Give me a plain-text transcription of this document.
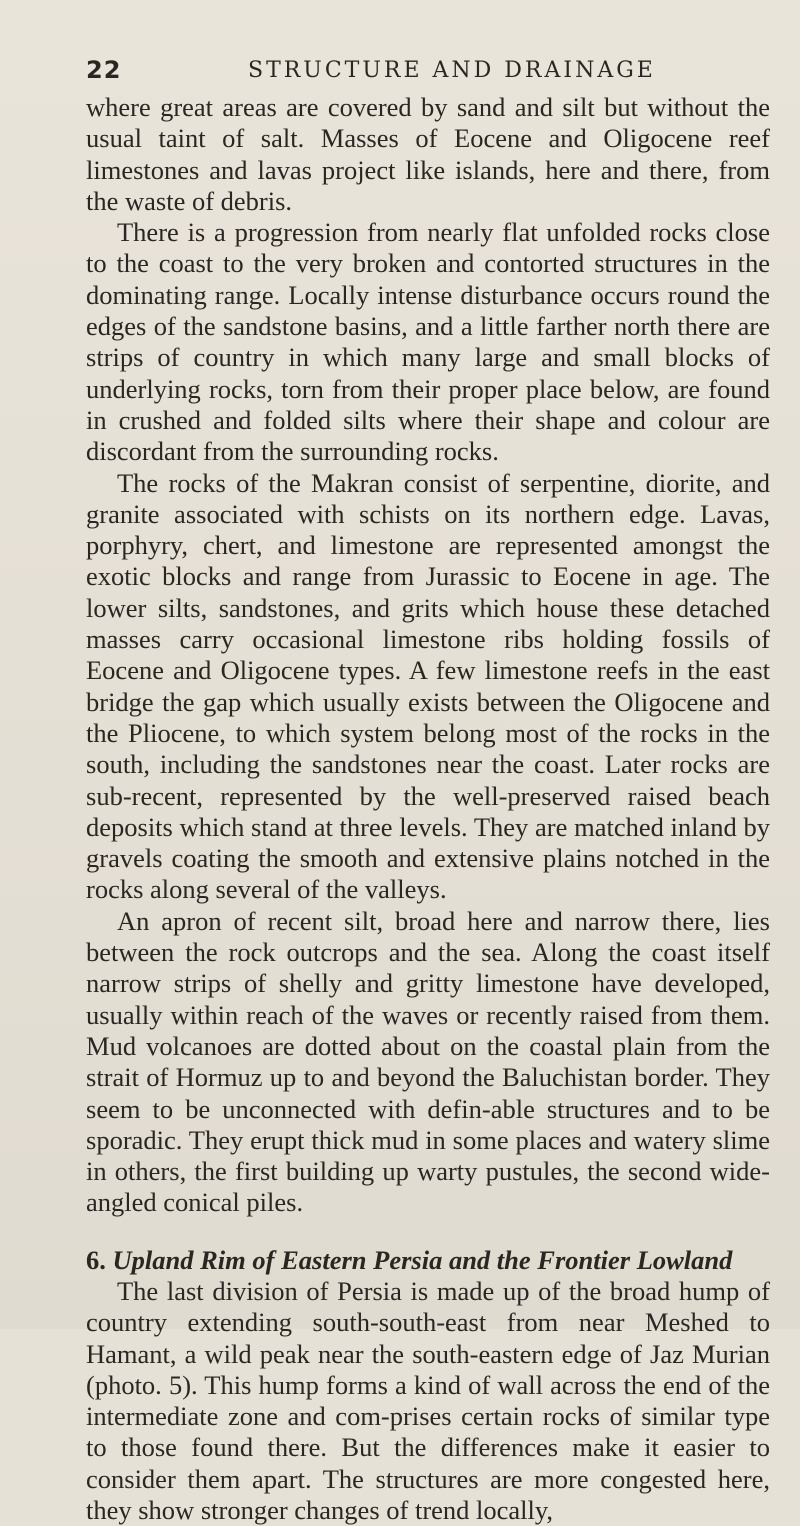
22	STRUCTURE AND DRAINAGE

where great areas are covered by sand and silt but without the usual taint of salt. Masses of Eocene and Oligocene reef limestones and lavas project like islands, here and there, from the waste of debris.

There is a progression from nearly flat unfolded rocks close to the coast to the very broken and contorted structures in the dominating range. Locally intense disturbance occurs round the edges of the sandstone basins, and a little farther north there are strips of country in which many large and small blocks of underlying rocks, torn from their proper place below, are found in crushed and folded silts where their shape and colour are discordant from the surrounding rocks.

The rocks of the Makran consist of serpentine, diorite, and granite associated with schists on its northern edge. Lavas, porphyry, chert, and limestone are represented amongst the exotic blocks and range from Jurassic to Eocene in age. The lower silts, sandstones, and grits which house these detached masses carry occasional limestone ribs holding fossils of Eocene and Oligocene types. A few limestone reefs in the east bridge the gap which usually exists between the Oligocene and the Pliocene, to which system belong most of the rocks in the south, including the sandstones near the coast. Later rocks are sub-recent, represented by the well-preserved raised beach deposits which stand at three levels. They are matched inland by gravels coating the smooth and extensive plains notched in the rocks along several of the valleys.

An apron of recent silt, broad here and narrow there, lies between the rock outcrops and the sea. Along the coast itself narrow strips of shelly and gritty limestone have developed, usually within reach of the waves or recently raised from them. Mud volcanoes are dotted about on the coastal plain from the strait of Hormuz up to and beyond the Baluchistan border. They seem to be unconnected with defin-able structures and to be sporadic. They erupt thick mud in some places and watery slime in others, the first building up warty pustules, the second wide-angled conical piles.

6. Upland Rim of Eastern Persia and the Frontier Lowland

The last division of Persia is made up of the broad hump of country extending south-south-east from near Meshed to Hamant, a wild peak near the south-eastern edge of Jaz Murian (photo. 5). This hump forms a kind of wall across the end of the intermediate zone and com-prises certain rocks of similar type to those found there. But the differences make it easier to consider them apart. The structures are more congested here, they show stronger changes of trend locally,
